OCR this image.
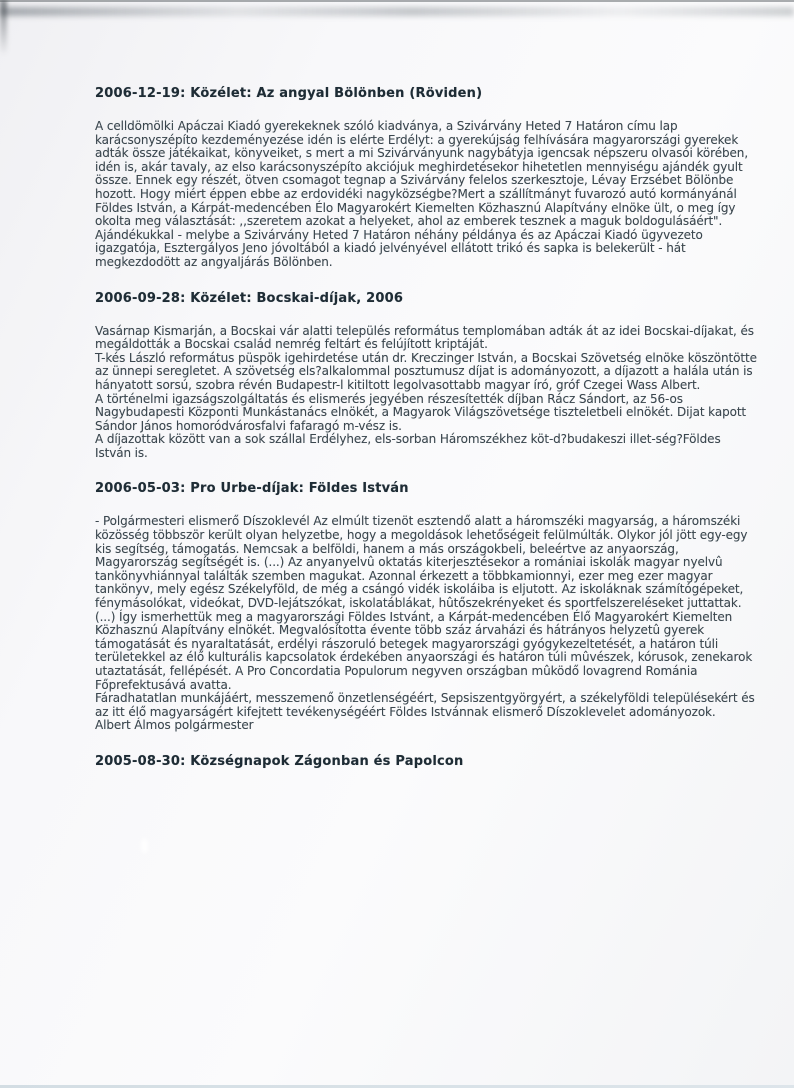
2006-12-19: Közélet: Az angyal Bölönben (Röviden)

A celldömölki Apáczai Kiadó gyerekeknek szóló kiadványa, a Szivárvány Heted 7 Határon címu lap karácsonyszépíto kezdeményezése idén is elérte Erdélyt: a gyerekújság felhívására magyarországi gyerekek adták össze játékaikat, könyveiket, s mert a mi Szivárványunk nagybátyja igencsak népszeru olvasói körében, idén is, akár tavaly, az elso karácsonyszépíto akciójuk meghirdetésekor hihetetlen mennyiségu ajándék gyult össze. Ennek egy részét, ötven csomagot tegnap a Szivárvány felelos szerkesztoje, Lévay Erzsébet Bölönbe hozott. Hogy miért éppen ebbe az erdovidéki nagyközségbe?Mert a szállítmányt fuvarozó autó kormányánál Földes István, a Kárpát-medencében Élo Magyarokért Kiemelten Közhasznú Alapítvány elnöke ült, o meg így okolta meg választását: ,,szeretem azokat a helyeket, ahol az emberek tesznek a maguk boldogulásáért". Ajándékukkal - melybe a Szivárvány Heted 7 Határon néhány példánya és az Apáczai Kiadó ügyvezeto igazgatója, Esztergályos Jeno jóvoltából a kiadó jelvényével ellátott trikó és sapka is belekerült - hát megkezdodött az angyaljárás Bölönben.

2006-09-28: Közélet: Bocskai-díjak, 2006

Vasárnap Kismarján, a Bocskai vár alatti település református templomában adták át az idei Bocskai-díjakat, és megáldották a Bocskai család nemrég feltárt és felújított kriptáját.

T-kés László református püspök igehirdetése után dr. Kreczinger István, a Bocskai Szövetség elnöke köszöntötte az ünnepi seregletet. A szövetség els?alkalommal posztumusz díjat is adományozott, a díjazott a halála után is hányatott sorsú, szobra révén Budapestr-l kitiltott legolvasottabb magyar író, gróf Czegei Wass Albert.

A történelmi igazságszolgáltatás és elismerés jegyében részesítették díjban Rácz Sándort, az 56-os Nagybudapesti Központi Munkástanács elnökét, a Magyarok Világszövetsége tiszteletbeli elnökét. Dijat kapott Sándor János homoródvárosfalvi fafaragó m-vész is.

A díjazottak között van a sok szállal Erdélyhez, els-sorban Háromszékhez köt-d?budakeszi illet-ség?Földes István is.

2006-05-03: Pro Urbe-díjak: Földes István

- Polgármesteri elismerő Díszoklevél Az elmúlt tizenöt esztendő alatt a háromszéki magyarság, a háromszéki közösség többször került olyan helyzetbe, hogy a megoldások lehetőségeit felülmúlták. Olykor jól jött egy-egy kis segítség, támogatás. Nemcsak a belföldi, hanem a más országokbeli, beleértve az anyaország, Magyarország segítségét is. (...) Az anyanyelvû oktatás kiterjesztésekor a romániai iskolák magyar nyelvû tankönyvhiánnyal találták szemben magukat. Azonnal érkezett a többkamionnyi, ezer meg ezer magyar tankönyv, mely egész Székelyföld, de még a csángó vidék iskoláiba is eljutott. Az iskoláknak számítógépeket, fénymásolókat, videókat, DVD-lejátszókat, iskolatáblákat, hûtőszekrényeket és sportfelszereléseket juttattak. (...) Így ismerhettük meg a magyarországi Földes Istvánt, a Kárpát-medencében Élő Magyarokért Kiemelten Közhasznú Alapítvány elnökét. Megvalósította évente több száz árvaházi és hátrányos helyzetû gyerek támogatását és nyaraltatását, erdélyi rászoruló betegek magyarországi gyógykezeltetését, a határon túli területekkel az élő kulturális kapcsolatok érdekében anyaországi és határon túli mûvészek, kórusok, zenekarok utaztatását, fellépését. A Pro Concordatia Populorum negyven országban mûködő lovagrend Románia Főprefektusává avatta.

Fáradhatatlan munkájáért, messzemenő önzetlenségéért, Sepsiszentgyörgyért, a székelyföldi településekért és az itt élő magyarságért kifejtett tevékenységéért Földes Istvánnak elismerő Díszoklevelet adományozok.

Albert Álmos polgármester

2005-08-30: Községnapok Zágonban és Papolcon
